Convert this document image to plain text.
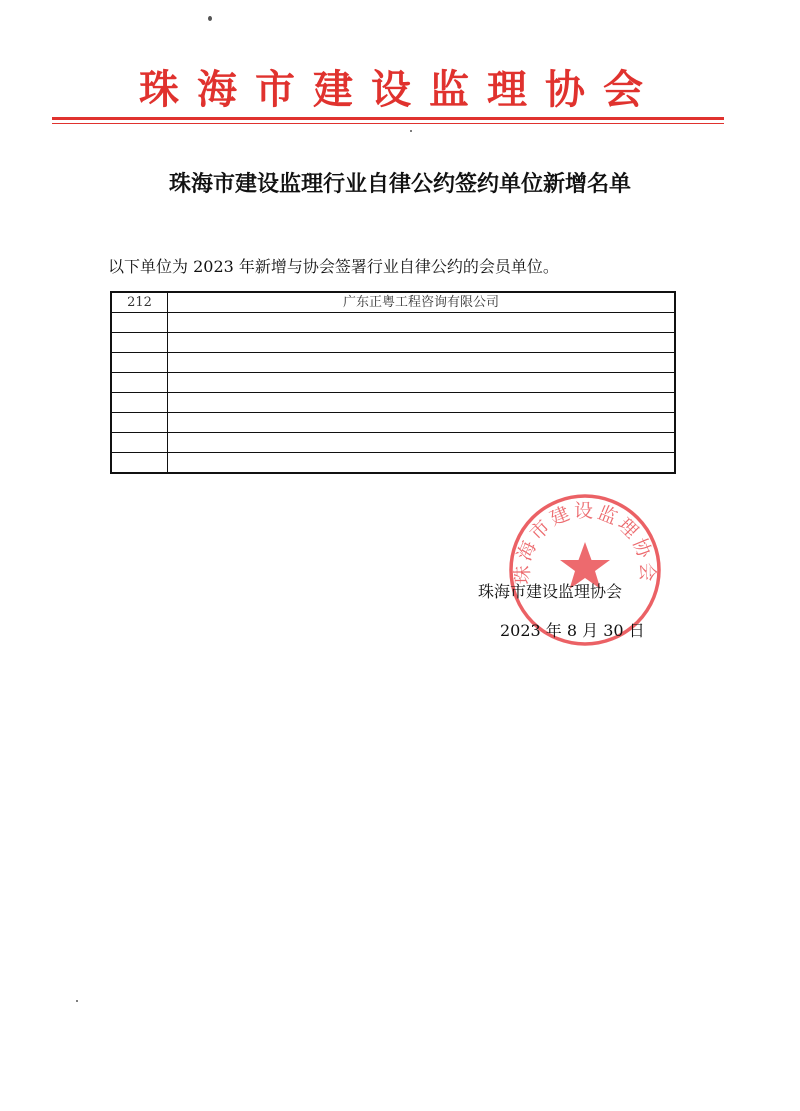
珠海市建设监理协会
珠海市建设监理行业自律公约签约单位新增名单
以下单位为 2023 年新增与协会签署行业自律公约的会员单位。
212	广东正粤工程咨询有限公司

珠海市建设监理协会
珠海市建设监理协会
2023 年 8 月 30 日
